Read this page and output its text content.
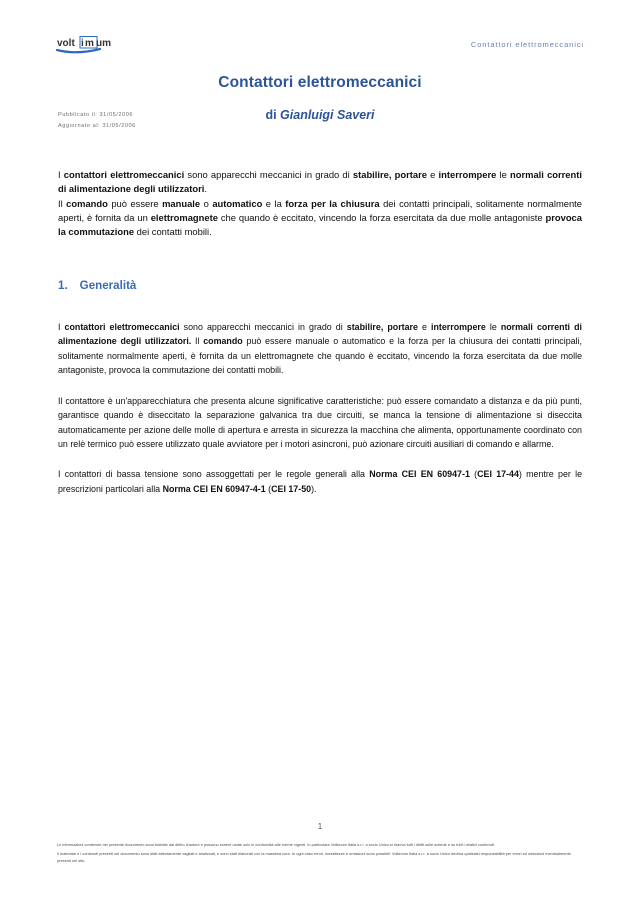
volt i m um	Contattori elettromeccanici
Contattori elettromeccanici
di Gianluigi Saveri
Pubblicato il: 31/05/2006
Aggiornato al: 31/05/2006

I contattori elettromeccanici sono apparecchi meccanici in grado di stabilire, portare e interrompere le normali correnti di alimentazione degli utilizzatori.

Il comando può essere manuale o automatico e la forza per la chiusura dei contatti principali, solitamente normalmente aperti, è fornita da un elettromagnete che quando è eccitato, vincendo la forza esercitata da due molle antagoniste provoca la commutazione dei contatti mobili.

1. Generalità

I contattori elettromeccanici sono apparecchi meccanici in grado di stabilire, portare e interrompere le normali correnti di alimentazione degli utilizzatori. Il comando può essere manuale o automatico e la forza per la chiusura dei contatti principali, solitamente normalmente aperti, è fornita da un elettromagnete che quando è eccitato, vincendo la forza esercitata da due molle antagoniste, provoca la commutazione dei contatti mobili.

Il contattore è un'apparecchiatura che presenta alcune significative caratteristiche: può essere comandato a distanza e da più punti, garantisce quando è diseccitato la separazione galvanica tra due circuiti, se manca la tensione di alimentazione si diseccita automaticamente per azione delle molle di apertura e arresta in sicurezza la macchina che alimenta, opportunamente coordinato con un relè termico può essere utilizzato quale avviatore per i motori asincroni, può azionare circuiti ausiliari di comando e allarme.

I contattori di bassa tensione sono assoggettati per le regole generali alla Norma CEI EN 60947-1 (CEI 17-44) mentre per le prescrizioni particolari alla Norma CEI EN 60947-4-1 (CEI 17-50).

1

Le informazioni contenute nel presente documento sono tutelate dal diritto d'autore e possono essere usate solo in conformità alle norme vigenti. In particolare Voltimum Italia s.r.l. a socio Unico si riserva tutti i diritti sulle schede e su tutti i relativi contenuti.

Il materiale e i contenuti presenti nel documento sono stati attentamente vagliati e analizzati, e sono stati elaborati con la massima cura. In ogni caso errori, inesattezze e omissioni sono possibili. Voltimum Italia s.r.l. a socio Unico declina qualsiasi responsabilità per errori ed omissioni eventualmente presenti nel sito.
